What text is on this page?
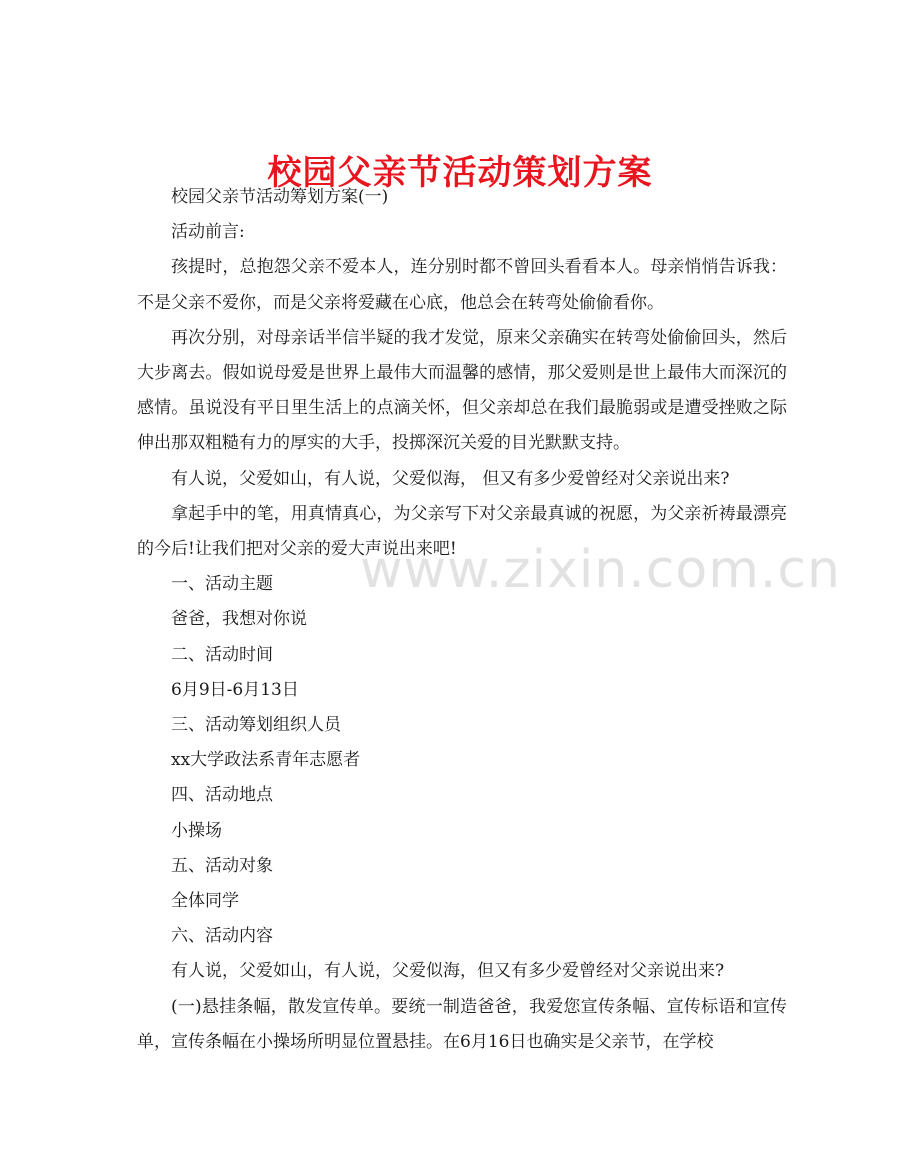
www.zixin.com.cn
校园父亲节活动策划方案

校园父亲节活动筹划方案(一)

活动前言:

孩提时，总抱怨父亲不爱本人，连分别时都不曾回头看看本人。母亲悄悄告诉我：不是父亲不爱你，而是父亲将爱藏在心底，他总会在转弯处偷偷看你。

再次分别，对母亲话半信半疑的我才发觉，原来父亲确实在转弯处偷偷回头，然后大步离去。假如说母爱是世界上最伟大而温馨的感情，那父爱则是世上最伟大而深沉的感情。虽说没有平日里生活上的点滴关怀，但父亲却总在我们最脆弱或是遭受挫败之际伸出那双粗糙有力的厚实的大手，投掷深沉关爱的目光默默支持。

有人说，父爱如山，有人说，父爱似海， 但又有多少爱曾经对父亲说出来?

拿起手中的笔，用真情真心，为父亲写下对父亲最真诚的祝愿，为父亲祈祷最漂亮的今后!让我们把对父亲的爱大声说出来吧!

一、活动主题

爸爸，我想对你说

二、活动时间

6月9日-6月13日

三、活动筹划组织人员

xx大学政法系青年志愿者

四、活动地点

小操场

五、活动对象

全体同学

六、活动内容

有人说，父爱如山，有人说，父爱似海，但又有多少爱曾经对父亲说出来?

(一)悬挂条幅，散发宣传单。要统一制造爸爸，我爱您宣传条幅、宣传标语和宣传单，宣传条幅在小操场所明显位置悬挂。在6月16日也确实是父亲节，在学校
